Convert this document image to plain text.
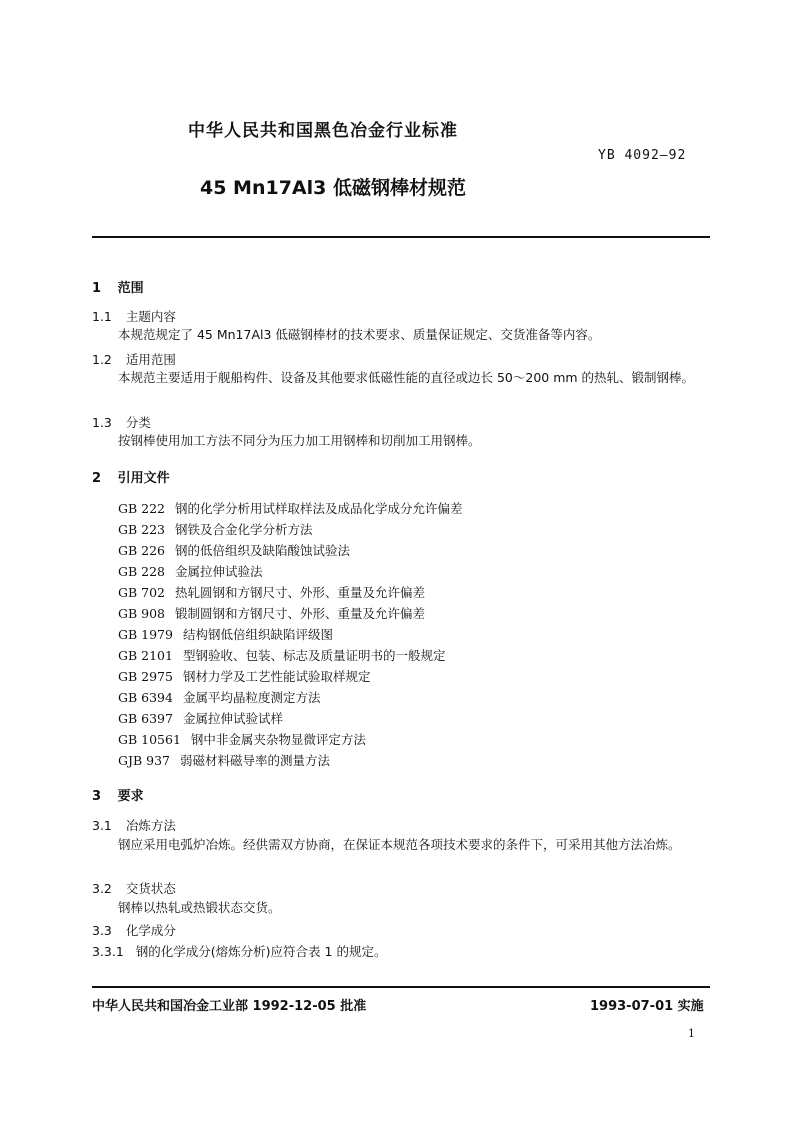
中华人民共和国黑色冶金行业标准
YB 4092—92
45 Mn17Al3 低磁钢棒材规范
1 范围
1.1 主题内容
本规范规定了 45 Mn17Al3 低磁钢棒材的技术要求、质量保证规定、交货准备等内容。
1.2 适用范围
本规范主要适用于舰船构件、设备及其他要求低磁性能的直径或边长 50～200 mm 的热轧、锻制钢棒。
1.3 分类
按钢棒使用加工方法不同分为压力加工用钢棒和切削加工用钢棒。
2 引用文件
GB 222 钢的化学分析用试样取样法及成品化学成分允许偏差
GB 223 钢铁及合金化学分析方法
GB 226 钢的低倍组织及缺陷酸蚀试验法
GB 228 金属拉伸试验法
GB 702 热轧圆钢和方钢尺寸、外形、重量及允许偏差
GB 908 锻制圆钢和方钢尺寸、外形、重量及允许偏差
GB 1979 结构钢低倍组织缺陷评级图
GB 2101 型钢验收、包装、标志及质量证明书的一般规定
GB 2975 钢材力学及工艺性能试验取样规定
GB 6394 金属平均晶粒度测定方法
GB 6397 金属拉伸试验试样
GB 10561 钢中非金属夹杂物显微评定方法
GJB 937 弱磁材料磁导率的测量方法
3 要求
3.1 冶炼方法
钢应采用电弧炉冶炼。经供需双方协商，在保证本规范各项技术要求的条件下，可采用其他方法冶炼。
3.2 交货状态
钢棒以热轧或热锻状态交货。
3.3 化学成分
3.3.1 钢的化学成分(熔炼分析)应符合表 1 的规定。
中华人民共和国冶金工业部 1992-12-05 批准	1993-07-01 实施
1
